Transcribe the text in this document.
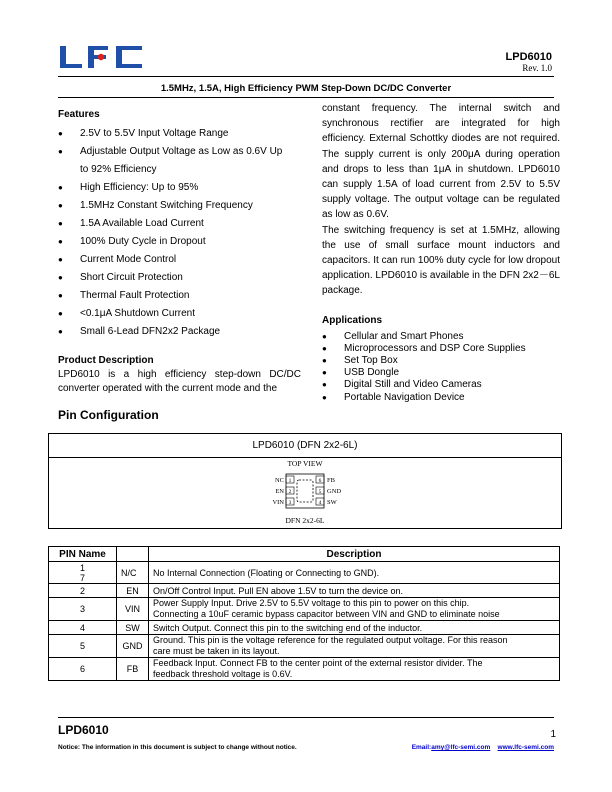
LPD6010
Rev. 1.0
1.5MHz, 1.5A, High Efficiency PWM Step-Down DC/DC Converter
Features
● 2.5V to 5.5V Input Voltage Range
● Adjustable Output Voltage as Low as 0.6V Up
to 92% Efficiency
● High Efficiency: Up to 95%
● 1.5MHz Constant Switching Frequency
● 1.5A Available Load Current
● 100% Duty Cycle in Dropout
● Current Mode Control
● Short Circuit Protection
● Thermal Fault Protection
● <0.1μA Shutdown Current
● Small 6-Lead DFN2x2 Package
Product Description
LPD6010 is a high efficiency step-down DC/DC converter operated with the current mode and the
constant frequency. The internal switch and synchronous rectifier are integrated for high efficiency. External Schottky diodes are not required. The supply current is only 200μA during operation and drops to less than 1μA in shutdown. LPD6010 can supply 1.5A of load current from 2.5V to 5.5V supply voltage. The output voltage can be regulated as low as 0.6V.
The switching frequency is set at 1.5MHz, allowing the use of small surface mount inductors and capacitors. It can run 100% duty cycle for low dropout application. LPD6010 is available in the DFN 2x2－6L package.
Applications
● Cellular and Smart Phones
● Microprocessors and DSP Core Supplies
● Set Top Box
● USB Dongle
● Digital Still and Video Cameras
● Portable Navigation Device
Pin Configuration
LPD6010 (DFN 2x2-6L)
TOP VIEW
NC
EN
VIN
1
2
3
6
5
4
FB
GND
SW
DFN 2x2-6L
PIN Name		Description
1
7	N/C	No Internal Connection (Floating or Connecting to GND).
2	EN	On/Off Control Input. Pull EN above 1.5V to turn the device on.
3	VIN	Power Supply Input. Drive 2.5V to 5.5V voltage to this pin to power on this chip.
Connecting a 10uF ceramic bypass capacitor between VIN and GND to eliminate noise
4	SW	Switch Output. Connect this pin to the switching end of the inductor.
5	GND	Ground. This pin is the voltage reference for the regulated output voltage. For this reason
care must be taken in its layout.
6	FB	Feedback Input. Connect FB to the center point of the external resistor divider. The
feedback threshold voltage is 0.6V.
LPD6010	1
Notice: The information in this document is subject to change without notice.	Email:amy@lfc-semi.com www.lfc-semi.com
